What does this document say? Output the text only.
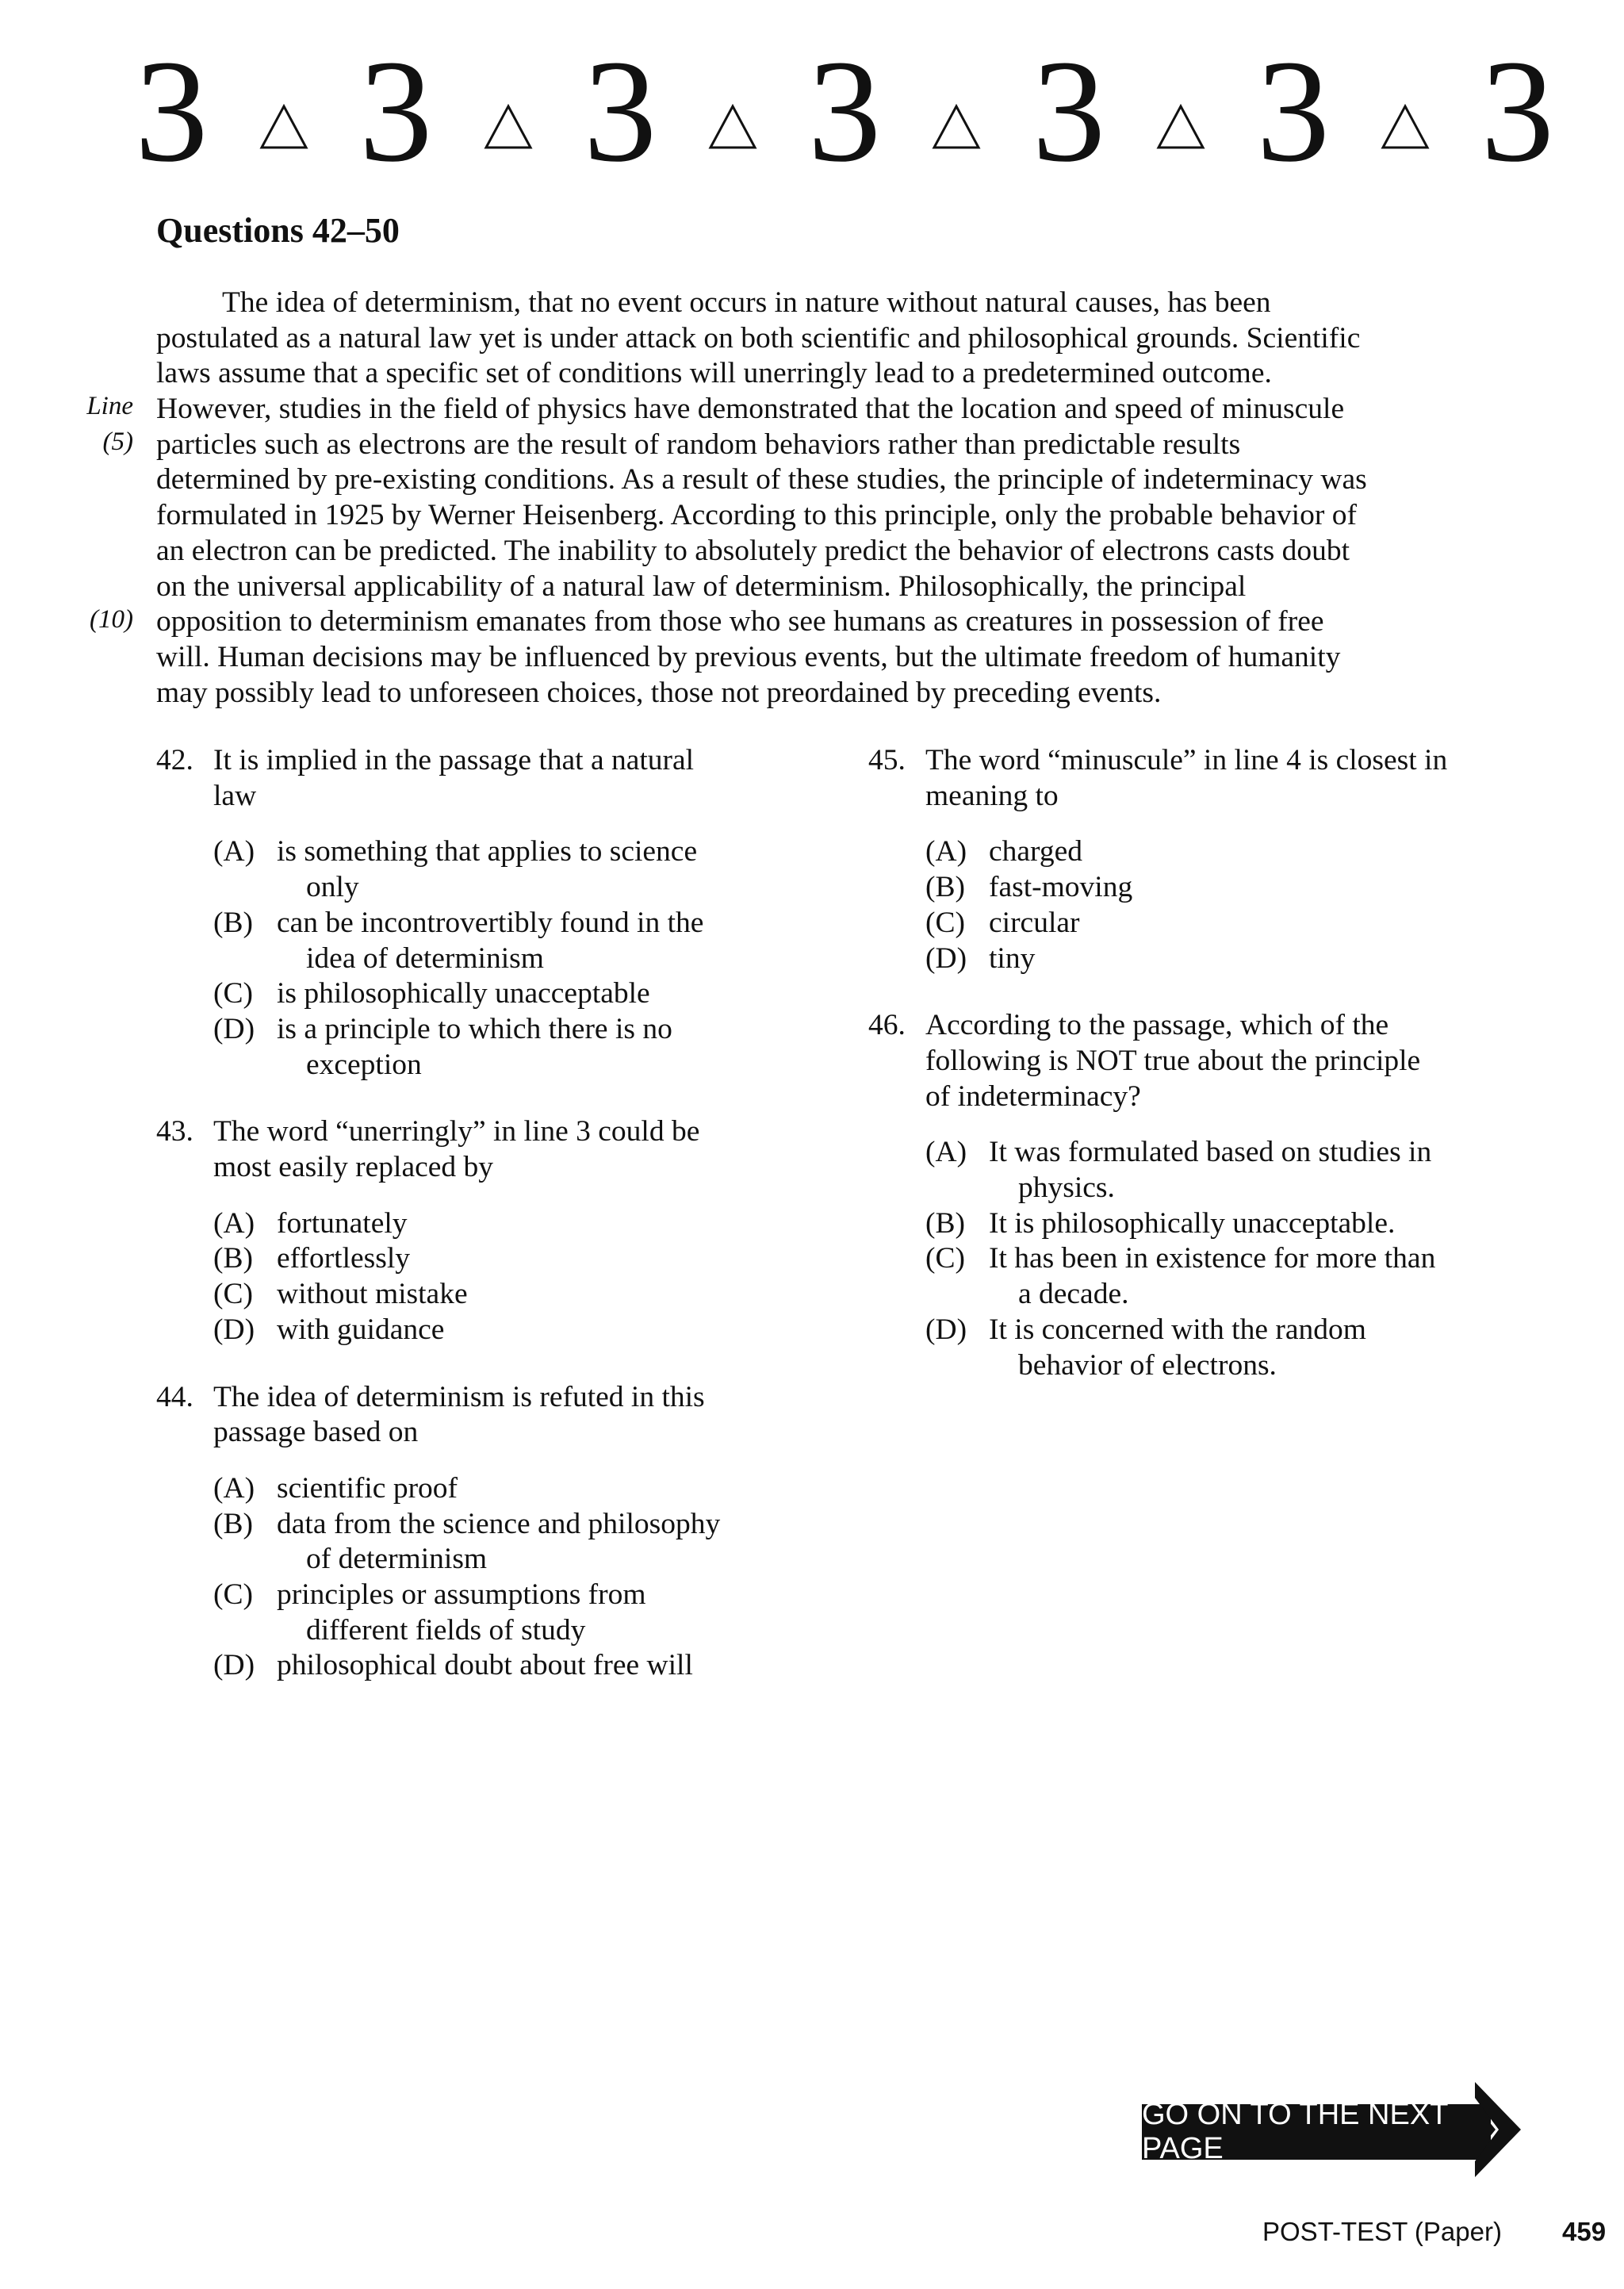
3 3 3 3 3 3 3
Questions 42–50
Line
(5)
(10)
The idea of determinism, that no event occurs in nature without natural causes, has been
postulated as a natural law yet is under attack on both scientific and philosophical grounds. Scientific
laws assume that a specific set of conditions will unerringly lead to a predetermined outcome.
However, studies in the field of physics have demonstrated that the location and speed of minuscule
particles such as electrons are the result of random behaviors rather than predictable results
determined by pre-existing conditions. As a result of these studies, the principle of indeterminacy was
formulated in 1925 by Werner Heisenberg. According to this principle, only the probable behavior of
an electron can be predicted. The inability to absolutely predict the behavior of electrons casts doubt
on the universal applicability of a natural law of determinism. Philosophically, the principal
opposition to determinism emanates from those who see humans as creatures in possession of free
will. Human decisions may be influenced by previous events, but the ultimate freedom of humanity
may possibly lead to unforeseen choices, those not preordained by preceding events.
42. It is implied in the passage that a natural
law
(A) is something that applies to science
only
(B) can be incontrovertibly found in the
idea of determinism
(C) is philosophically unacceptable
(D) is a principle to which there is no
exception
43. The word “unerringly” in line 3 could be
most easily replaced by
(A) fortunately
(B) effortlessly
(C) without mistake
(D) with guidance
44. The idea of determinism is refuted in this
passage based on
(A) scientific proof
(B) data from the science and philosophy
of determinism
(C) principles or assumptions from
different fields of study
(D) philosophical doubt about free will
45. The word “minuscule” in line 4 is closest in
meaning to
(A) charged
(B) fast-moving
(C) circular
(D) tiny
46. According to the passage, which of the
following is NOT true about the principle
of indeterminacy?
(A) It was formulated based on studies in
physics.
(B) It is philosophically unacceptable.
(C) It has been in existence for more than
a decade.
(D) It is concerned with the random
behavior of electrons.
GO ON TO THE NEXT PAGE
POST-TEST (Paper) 459
